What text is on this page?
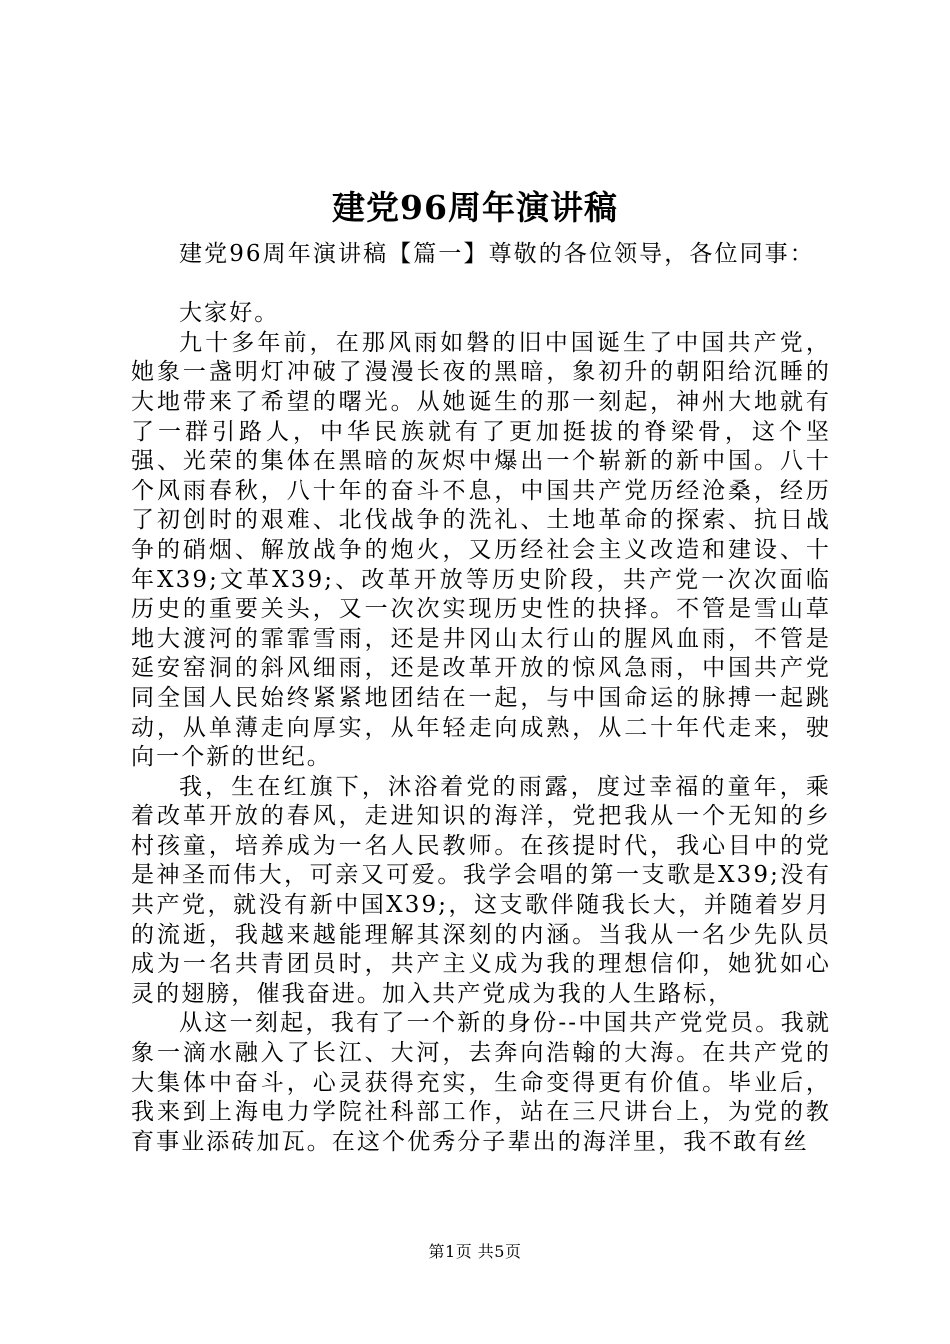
建党96周年演讲稿

建党96周年演讲稿【篇一】尊敬的各位领导，各位同事：

大家好。

九十多年前，在那风雨如磐的旧中国诞生了中国共产党，她象一盏明灯冲破了漫漫长夜的黑暗，象初升的朝阳给沉睡的大地带来了希望的曙光。从她诞生的那一刻起，神州大地就有了一群引路人，中华民族就有了更加挺拔的脊梁骨，这个坚强、光荣的集体在黑暗的灰烬中爆出一个崭新的新中国。八十个风雨春秋，八十年的奋斗不息，中国共产党历经沧桑，经历了初创时的艰难、北伐战争的洗礼、土地革命的探索、抗日战争的硝烟、解放战争的炮火，又历经社会主义改造和建设、十年X39;文革X39;、改革开放等历史阶段，共产党一次次面临历史的重要关头，又一次次实现历史性的抉择。不管是雪山草地大渡河的霏霏雪雨，还是井冈山太行山的腥风血雨，不管是延安窑洞的斜风细雨，还是改革开放的惊风急雨，中国共产党同全国人民始终紧紧地团结在一起，与中国命运的脉搏一起跳动，从单薄走向厚实，从年轻走向成熟，从二十年代走来，驶向一个新的世纪。

我，生在红旗下，沐浴着党的雨露，度过幸福的童年，乘着改革开放的春风，走进知识的海洋，党把我从一个无知的乡村孩童，培养成为一名人民教师。在孩提时代，我心目中的党是神圣而伟大，可亲又可爱。我学会唱的第一支歌是X39;没有共产党，就没有新中国X39;，这支歌伴随我长大，并随着岁月的流逝，我越来越能理解其深刻的内涵。当我从一名少先队员成为一名共青团员时，共产主义成为我的理想信仰，她犹如心灵的翅膀，催我奋进。加入共产党成为我的人生路标，

从这一刻起，我有了一个新的身份--中国共产党党员。我就象一滴水融入了长江、大河，去奔向浩翰的大海。在共产党的大集体中奋斗，心灵获得充实，生命变得更有价值。毕业后，我来到上海电力学院社科部工作，站在三尺讲台上，为党的教育事业添砖加瓦。在这个优秀分子辈出的海洋里，我不敢有丝

第1页 共5页
